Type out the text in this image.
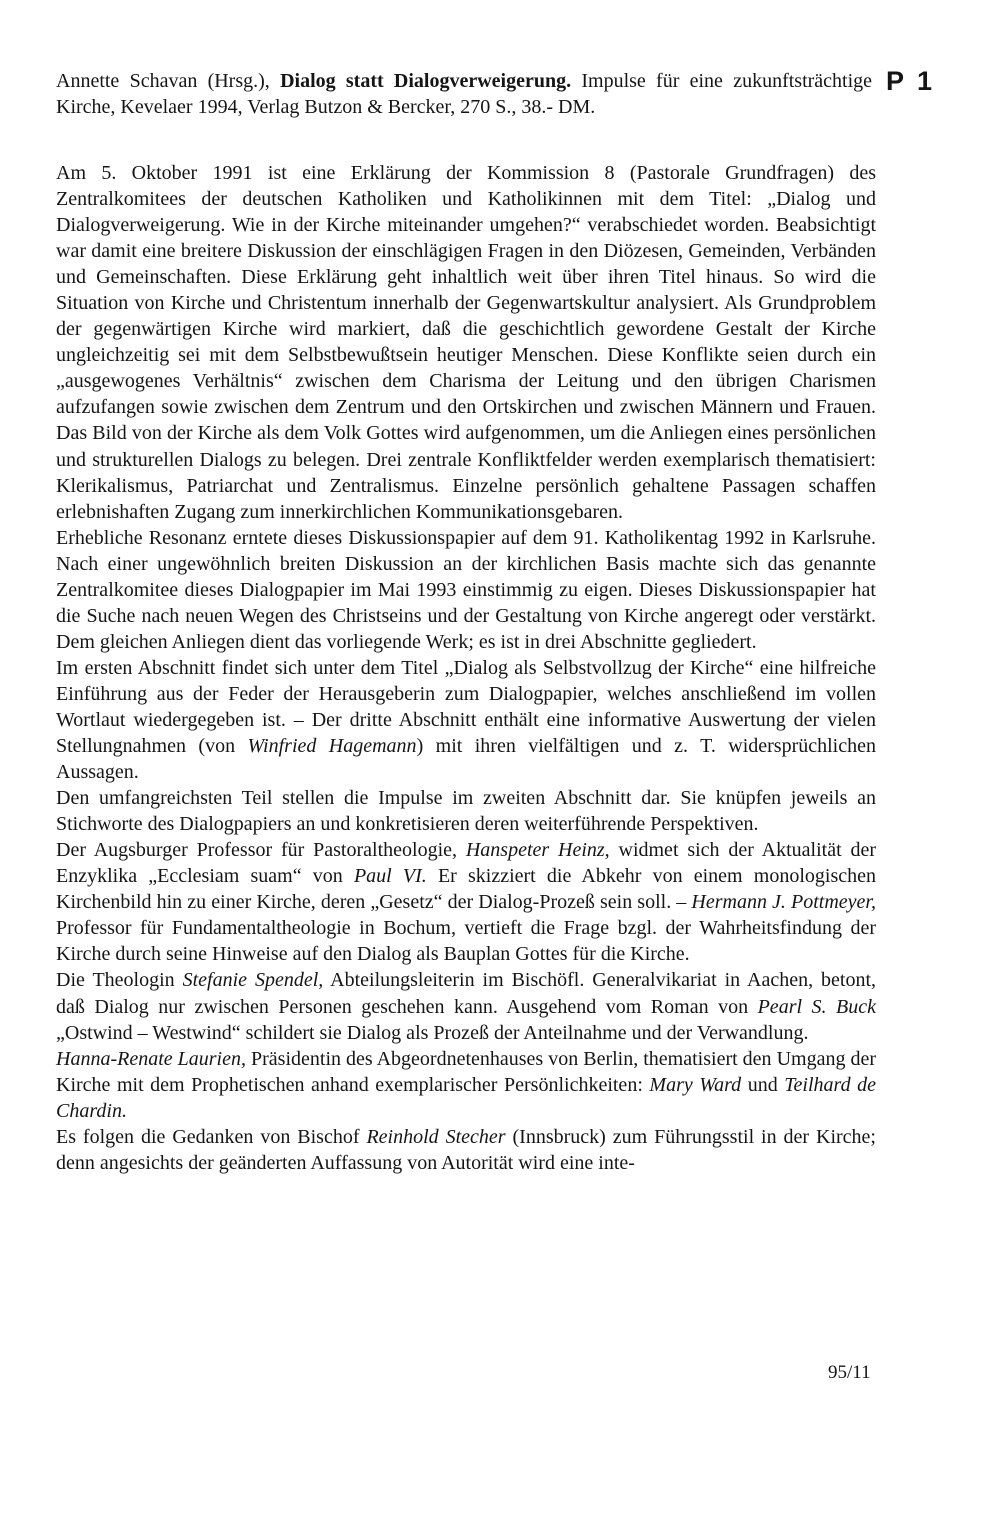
Annette Schavan (Hrsg.), Dialog statt Dialogverweigerung. Impulse für eine zukunftsträchtige Kirche, Kevelaer 1994, Verlag Butzon & Bercker, 270 S., 38.- DM.
P 1

Am 5. Oktober 1991 ist eine Erklärung der Kommission 8 (Pastorale Grundfragen) des Zentralkomitees der deutschen Katholiken und Katholikinnen mit dem Titel: „Dialog und Dialogverweigerung. Wie in der Kirche miteinander umgehen?“ verabschiedet worden. Beabsichtigt war damit eine breitere Diskussion der einschlägigen Fragen in den Diözesen, Gemeinden, Verbänden und Gemeinschaften. Diese Erklärung geht inhaltlich weit über ihren Titel hinaus. So wird die Situation von Kirche und Christentum innerhalb der Gegenwartskultur analysiert. Als Grundproblem der gegenwärtigen Kirche wird markiert, daß die geschichtlich gewordene Gestalt der Kirche ungleichzeitig sei mit dem Selbstbewußtsein heutiger Menschen. Diese Konflikte seien durch ein „ausgewogenes Verhältnis“ zwischen dem Charisma der Leitung und den übrigen Charismen aufzufangen sowie zwischen dem Zentrum und den Ortskirchen und zwischen Männern und Frauen. Das Bild von der Kirche als dem Volk Gottes wird aufgenommen, um die Anliegen eines persönlichen und strukturellen Dialogs zu belegen. Drei zentrale Konfliktfelder werden exemplarisch thematisiert: Klerikalismus, Patriarchat und Zentralismus. Einzelne persönlich gehaltene Passagen schaffen erlebnishaften Zugang zum innerkirchlichen Kommunikationsgebaren.

Erhebliche Resonanz erntete dieses Diskussionspapier auf dem 91. Katholikentag 1992 in Karlsruhe. Nach einer ungewöhnlich breiten Diskussion an der kirchlichen Basis machte sich das genannte Zentralkomitee dieses Dialogpapier im Mai 1993 einstimmig zu eigen. Dieses Diskussionspapier hat die Suche nach neuen Wegen des Christseins und der Gestaltung von Kirche angeregt oder verstärkt. Dem gleichen Anliegen dient das vorliegende Werk; es ist in drei Abschnitte gegliedert.

Im ersten Abschnitt findet sich unter dem Titel „Dialog als Selbstvollzug der Kirche“ eine hilfreiche Einführung aus der Feder der Herausgeberin zum Dialogpapier, welches anschließend im vollen Wortlaut wiedergegeben ist. – Der dritte Abschnitt enthält eine informative Auswertung der vielen Stellungnahmen (von Winfried Hagemann) mit ihren vielfältigen und z. T. widersprüchlichen Aussagen.

Den umfangreichsten Teil stellen die Impulse im zweiten Abschnitt dar. Sie knüpfen jeweils an Stichworte des Dialogpapiers an und konkretisieren deren weiterführende Perspektiven.

Der Augsburger Professor für Pastoraltheologie, Hanspeter Heinz, widmet sich der Aktualität der Enzyklika „Ecclesiam suam“ von Paul VI. Er skizziert die Abkehr von einem monologischen Kirchenbild hin zu einer Kirche, deren „Gesetz“ der Dialog-Prozeß sein soll. – Hermann J. Pottmeyer, Professor für Fundamentaltheologie in Bochum, vertieft die Frage bzgl. der Wahrheitsfindung der Kirche durch seine Hinweise auf den Dialog als Bauplan Gottes für die Kirche.

Die Theologin Stefanie Spendel, Abteilungsleiterin im Bischöfl. Generalvikariat in Aachen, betont, daß Dialog nur zwischen Personen geschehen kann. Ausgehend vom Roman von Pearl S. Buck „Ostwind – Westwind“ schildert sie Dialog als Prozeß der Anteilnahme und der Verwandlung.

Hanna-Renate Laurien, Präsidentin des Abgeordnetenhauses von Berlin, thematisiert den Umgang der Kirche mit dem Prophetischen anhand exemplarischer Persönlichkeiten: Mary Ward und Teilhard de Chardin.

Es folgen die Gedanken von Bischof Reinhold Stecher (Innsbruck) zum Führungsstil in der Kirche; denn angesichts der geänderten Auffassung von Autorität wird eine inte-

95/11
